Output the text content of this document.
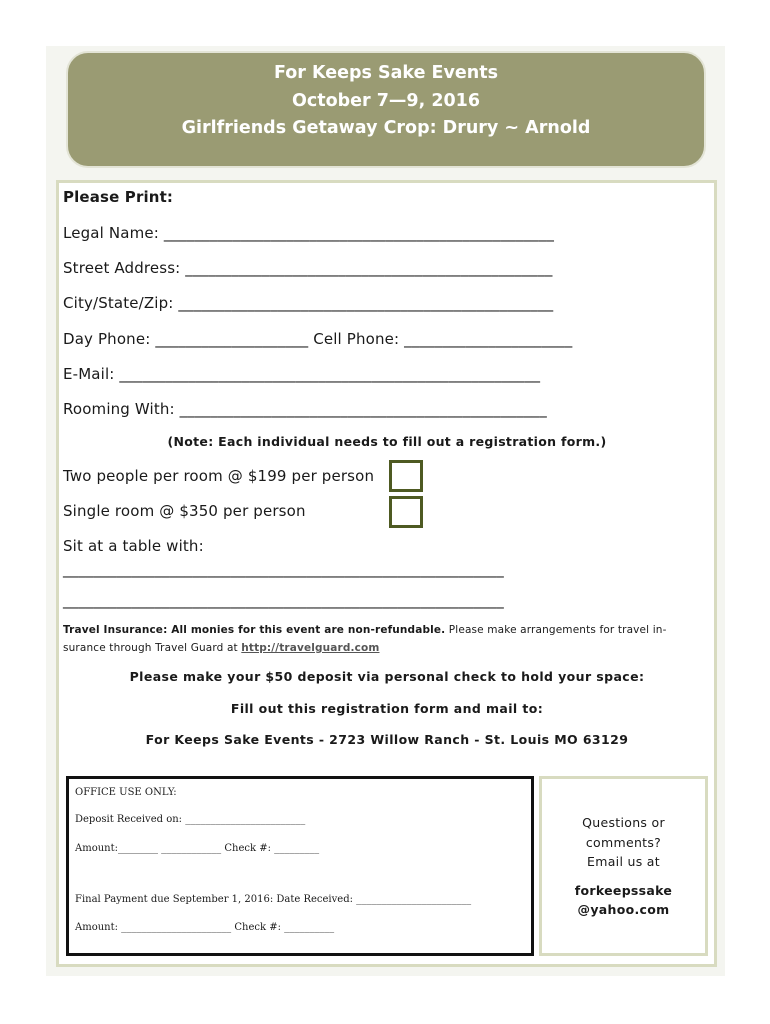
For Keeps Sake Events
October 7—9, 2016
Girlfriends Getaway Crop: Drury ~ Arnold
Please Print:
Legal Name: ___________________________________________________
Street Address: ________________________________________________
City/State/Zip: _________________________________________________
Day Phone: ____________________ Cell Phone: ______________________
E-Mail: _______________________________________________________
Rooming With: ________________________________________________
(Note: Each individual needs to fill out a registration form.)
Two people per room @ $199 per person
Single room @ $350 per person
Sit at a table with:
__________________________________________________________
__________________________________________________________
Travel Insurance: All monies for this event are non-refundable. Please make arrangements for travel in-
surance through Travel Guard at http://travelguard.com
Please make your $50 deposit via personal check to hold your space:
Fill out this registration form and mail to:
For Keeps Sake Events - 2723 Willow Ranch - St. Louis MO 63129
OFFICE USE ONLY:
Deposit Received on: ________________________
Amount:________ ____________ Check #: _________
Final Payment due September 1, 2016: Date Received: _______________________
Amount: ______________________ Check #: __________
Questions or
comments?
Email us at
forkeepssake
@yahoo.com
